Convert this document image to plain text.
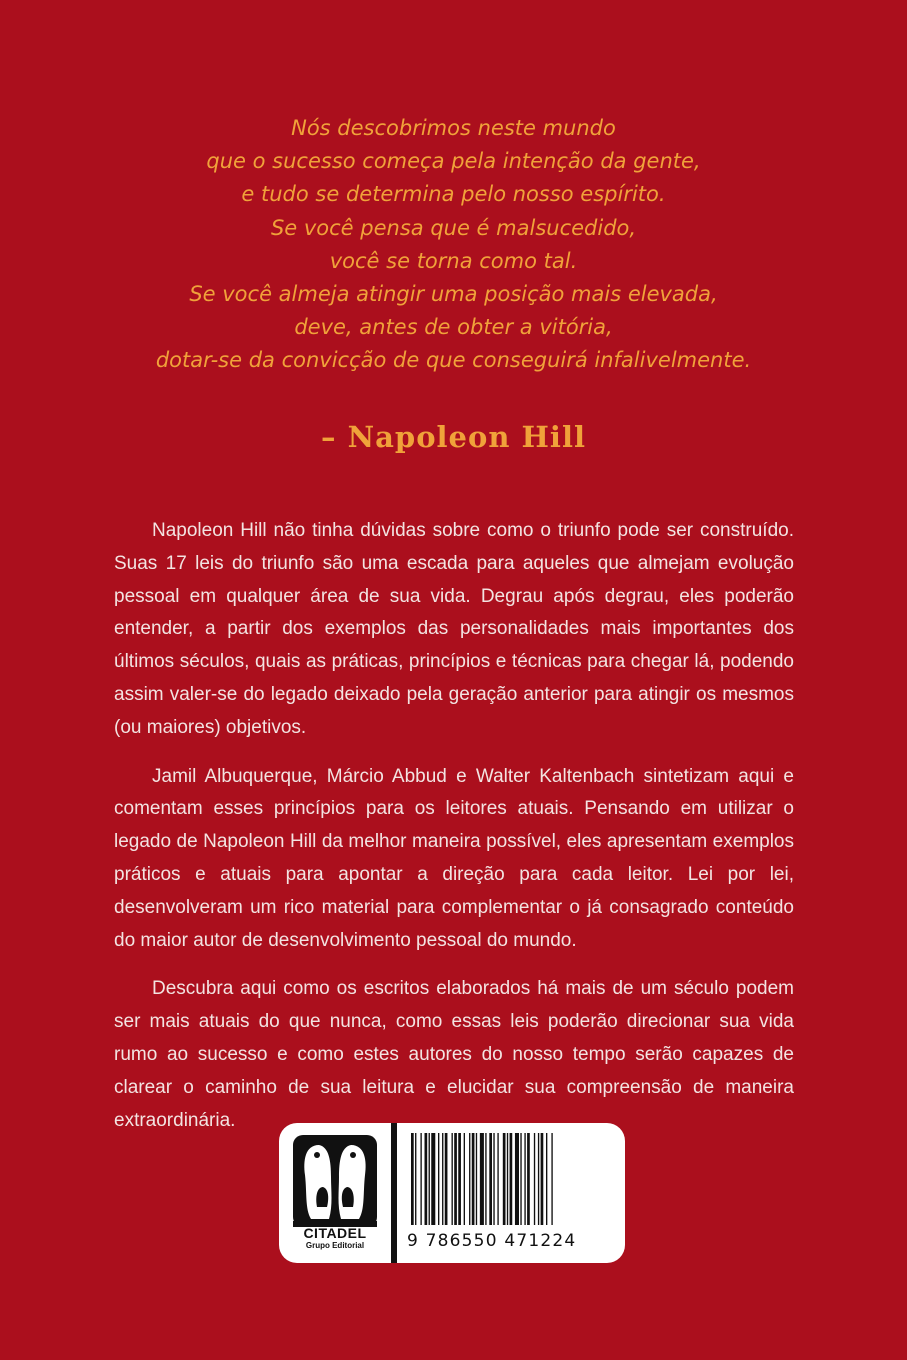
Nós descobrimos neste mundo
que o sucesso começa pela intenção da gente,
e tudo se determina pelo nosso espírito.
Se você pensa que é malsucedido,
você se torna como tal.
Se você almeja atingir uma posição mais elevada,
deve, antes de obter a vitória,
dotar-se da convicção de que conseguirá infalivelmente.
– Napoleon Hill

Napoleon Hill não tinha dúvidas sobre como o triunfo pode ser construído. Suas 17 leis do triunfo são uma escada para aqueles que almejam evolução pessoal em qualquer área de sua vida. Degrau após degrau, eles poderão entender, a partir dos exemplos das personalidades mais importantes dos últimos séculos, quais as práticas, princípios e técnicas para chegar lá, podendo assim valer-se do legado deixado pela geração anterior para atingir os mesmos (ou maiores) objetivos.

Jamil Albuquerque, Márcio Abbud e Walter Kaltenbach sintetizam aqui e comentam esses princípios para os leitores atuais. Pensando em utilizar o legado de Napoleon Hill da melhor maneira possível, eles apresentam exemplos práticos e atuais para apontar a direção para cada leitor. Lei por lei, desenvolveram um rico material para complementar o já consagrado conteúdo do maior autor de desenvolvimento pessoal do mundo.

Descubra aqui como os escritos elaborados há mais de um século podem ser mais atuais do que nunca, como essas leis poderão direcionar sua vida rumo ao sucesso e como estes autores do nosso tempo serão capazes de clarear o caminho de sua leitura e elucidar sua compreensão de maneira extraordinária.

CITADEL
Grupo Editorial	9 786550 471224
